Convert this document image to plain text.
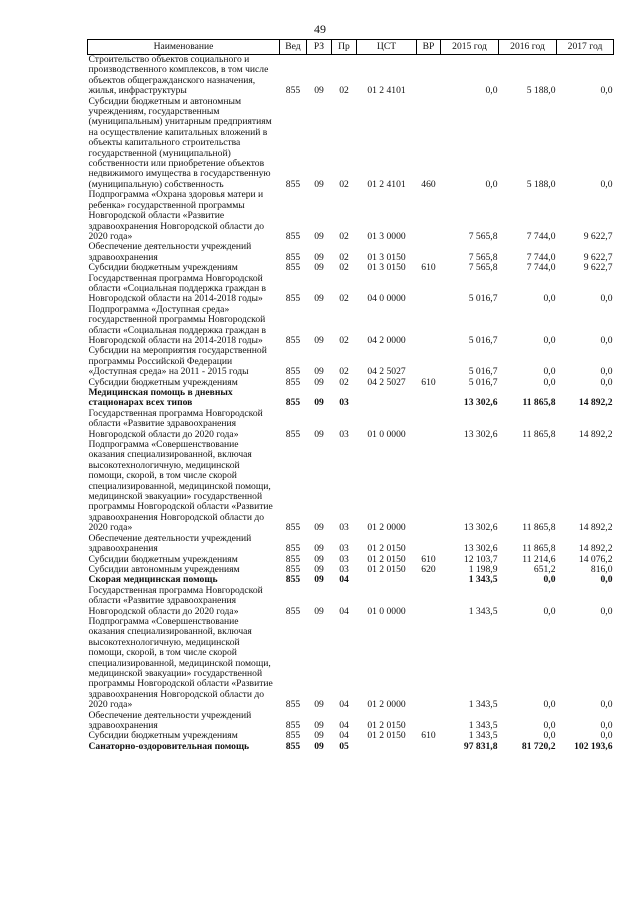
49
Наименование	Вед	РЗ	Пр	ЦСТ	ВР	2015 год	2016 год	2017 год
Строительство объектов социального и производственного комплексов, в том числе объектов общегражданского назначения, жилья, инфраструктуры	855	09	02	01 2 4101		0,0	5 188,0	0,0
Субсидии бюджетным и автономным учреждениям, государственным (муниципальным) унитарным предприятиям на осуществление капитальных вложений в объекты капитального строительства государственной (муниципальной) собственности или приобретение объектов недвижимого имущества в государственную (муниципальную) собственность	855	09	02	01 2 4101	460	0,0	5 188,0	0,0
Подпрограмма «Охрана здоровья матери и ребенка» государственной программы Новгородской области «Развитие здравоохранения Новгородской области до 2020 года»	855	09	02	01 3 0000		7 565,8	7 744,0	9 622,7
Обеспечение деятельности учреждений здравоохранения	855	09	02	01 3 0150		7 565,8	7 744,0	9 622,7
Субсидии бюджетным учреждениям	855	09	02	01 3 0150	610	7 565,8	7 744,0	9 622,7
Государственная программа Новгородской области «Социальная поддержка граждан в Новгородской области на 2014-2018 годы»	855	09	02	04 0 0000		5 016,7	0,0	0,0
Подпрограмма «Доступная среда» государственной программы Новгородской области «Социальная поддержка граждан в Новгородской области на 2014-2018 годы»	855	09	02	04 2 0000		5 016,7	0,0	0,0
Субсидии на мероприятия государственной программы Российской Федерации «Доступная среда» на 2011 - 2015 годы	855	09	02	04 2 5027		5 016,7	0,0	0,0
Субсидии бюджетным учреждениям	855	09	02	04 2 5027	610	5 016,7	0,0	0,0
Медицинская помощь в дневных стационарах всех типов	855	09	03			13 302,6	11 865,8	14 892,2
Государственная программа Новгородской области «Развитие здравоохранения Новгородской области до 2020 года»	855	09	03	01 0 0000		13 302,6	11 865,8	14 892,2
Подпрограмма «Совершенствование оказания специализированной, включая высокотехнологичную, медицинской помощи, скорой, в том числе скорой специализированной, медицинской помощи, медицинской эвакуации» государственной программы Новгородской области «Развитие здравоохранения Новгородской области до 2020 года»	855	09	03	01 2 0000		13 302,6	11 865,8	14 892,2
Обеспечение деятельности учреждений здравоохранения	855	09	03	01 2 0150		13 302,6	11 865,8	14 892,2
Субсидии бюджетным учреждениям	855	09	03	01 2 0150	610	12 103,7	11 214,6	14 076,2
Субсидии автономным учреждениям	855	09	03	01 2 0150	620	1 198,9	651,2	816,0
Скорая медицинская помощь	855	09	04			1 343,5	0,0	0,0
Государственная программа Новгородской области «Развитие здравоохранения Новгородской области до 2020 года»	855	09	04	01 0 0000		1 343,5	0,0	0,0
Подпрограмма «Совершенствование оказания специализированной, включая высокотехнологичную, медицинской помощи, скорой, в том числе скорой специализированной, медицинской помощи, медицинской эвакуации» государственной программы Новгородской области «Развитие здравоохранения Новгородской области до 2020 года»	855	09	04	01 2 0000		1 343,5	0,0	0,0
Обеспечение деятельности учреждений здравоохранения	855	09	04	01 2 0150		1 343,5	0,0	0,0
Субсидии бюджетным учреждениям	855	09	04	01 2 0150	610	1 343,5	0,0	0,0
Санаторно-оздоровительная помощь	855	09	05			97 831,8	81 720,2	102 193,6
